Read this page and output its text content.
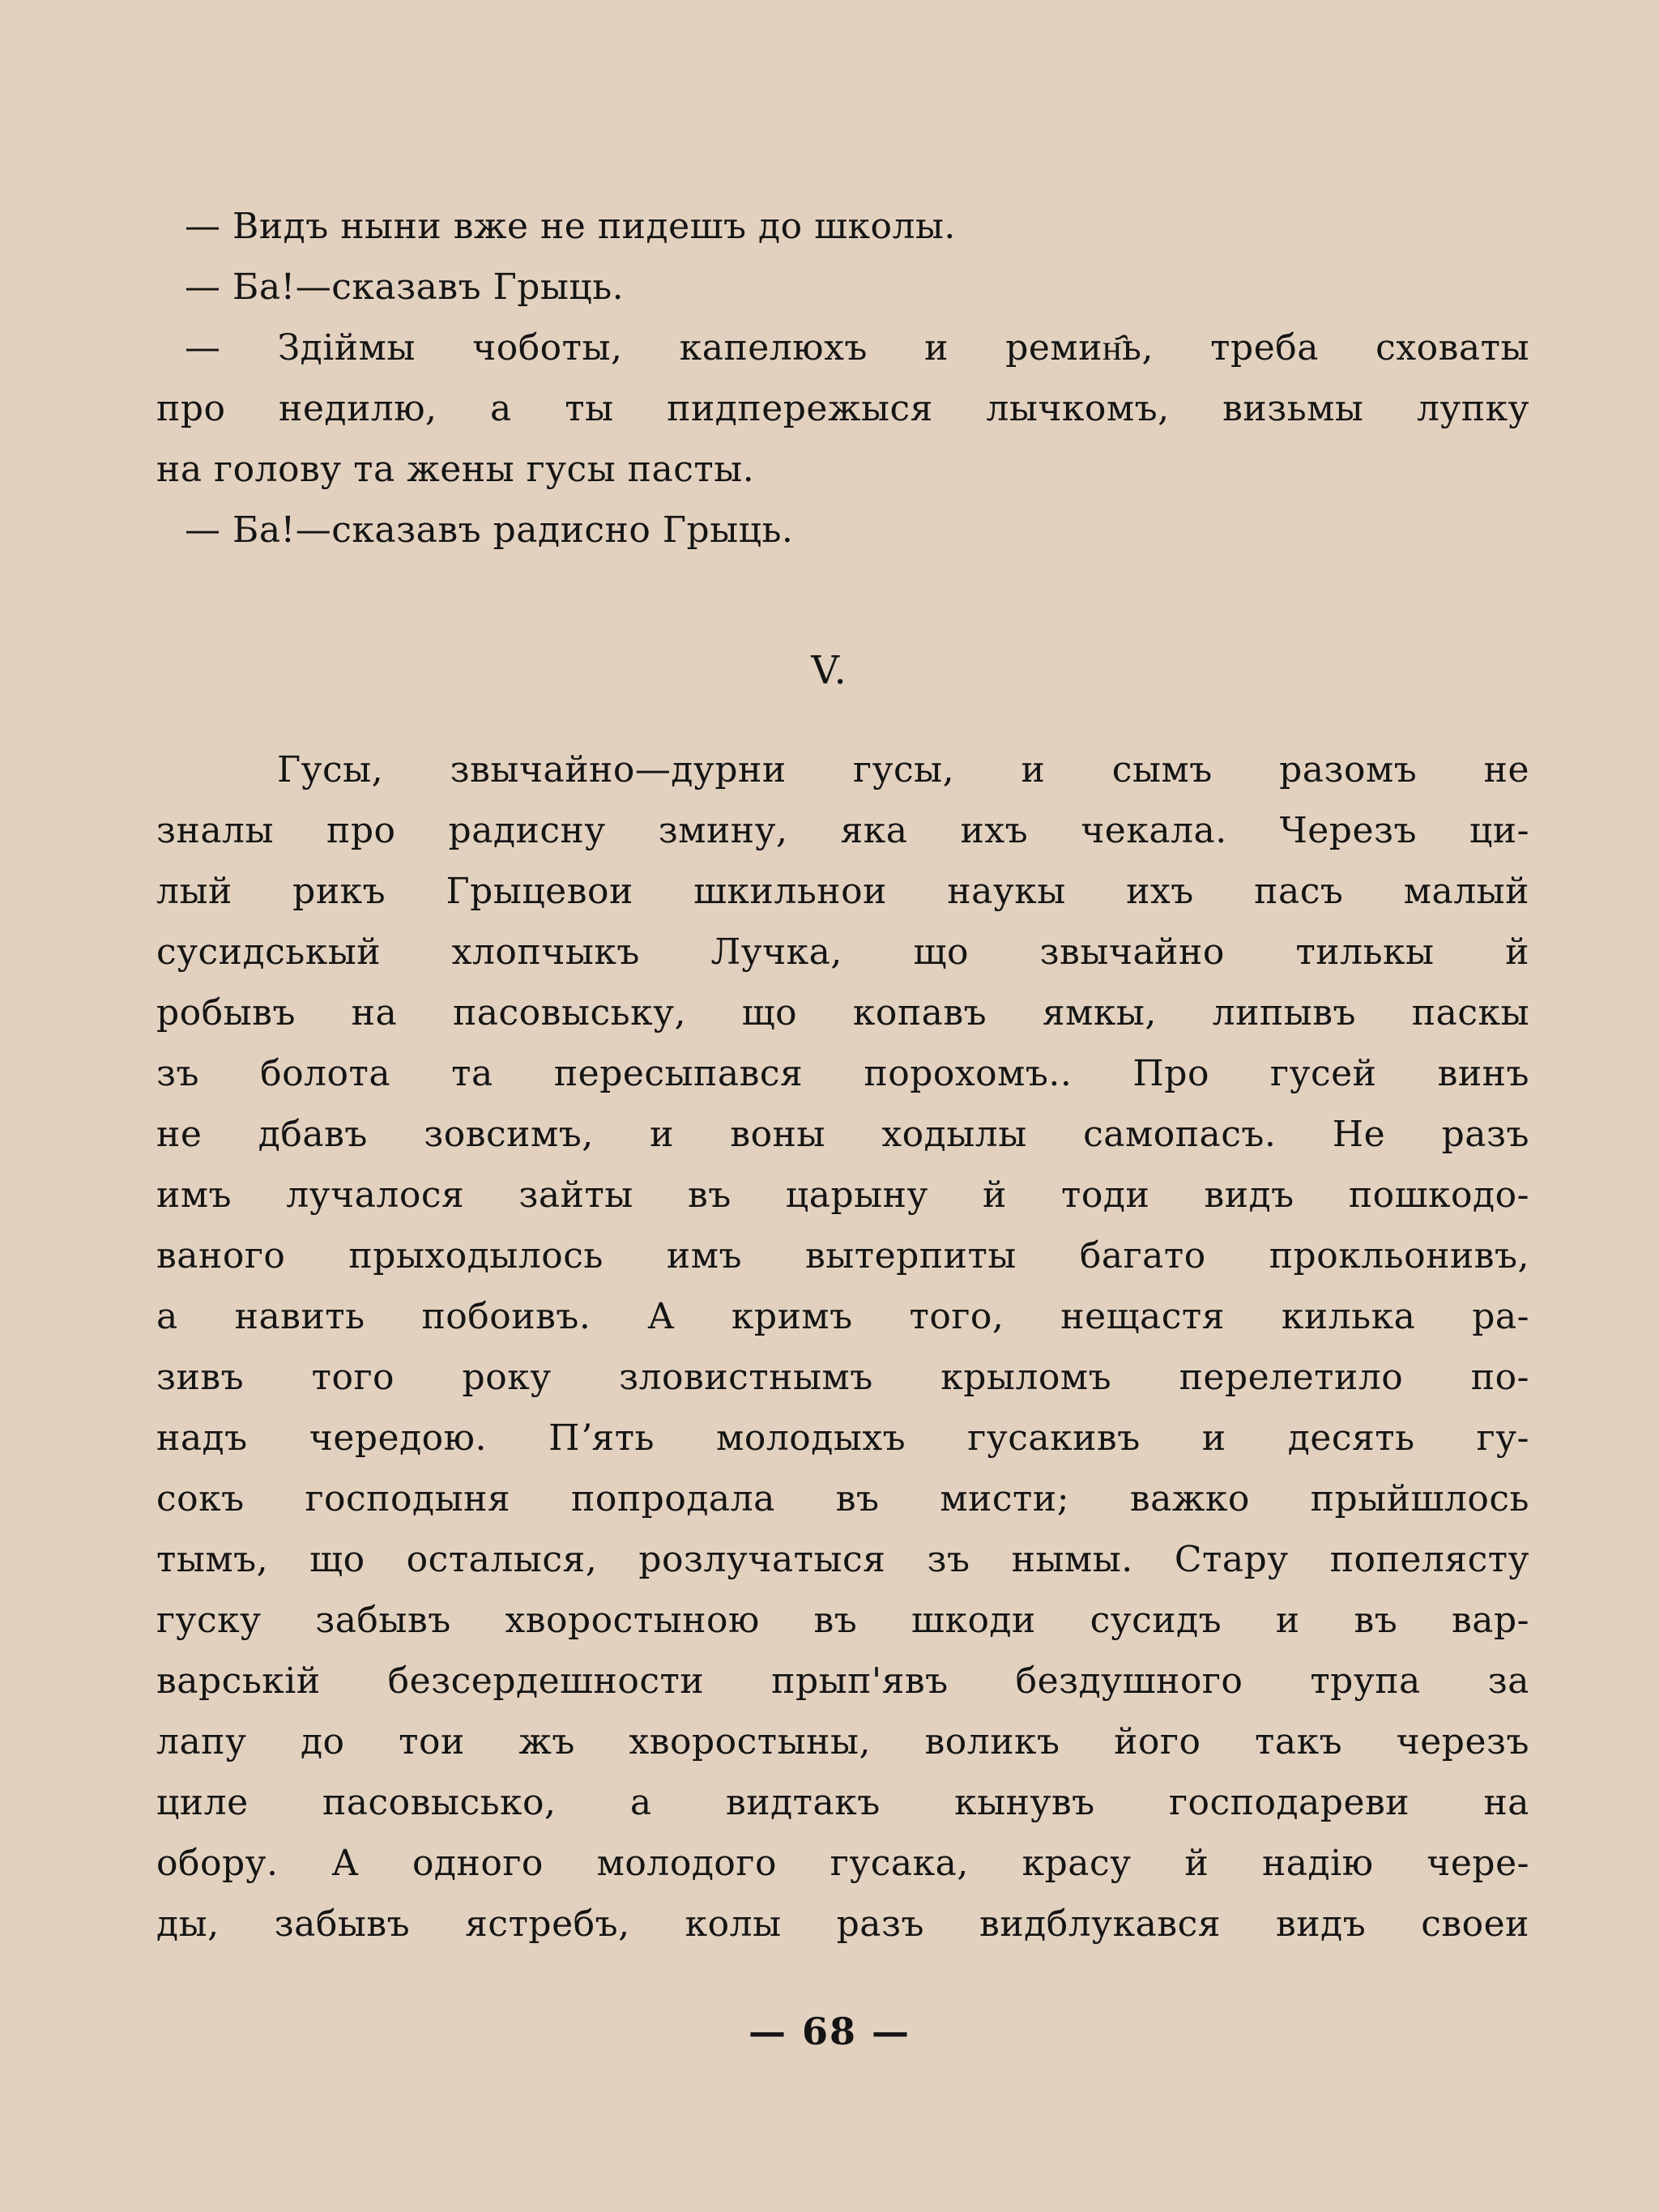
— Видъ ныни вже не пидешъ до школы.
— Ба!—сказавъ Грыць.
— Здіймы чоботы, капелюхъ и ремин҄ь, треба сховаты
про недилю, а ты пидпережыся лычкомъ, визьмы лупку
на голову та жены гусы пасты.
— Ба!—сказавъ радисно Грыць.
V.
Гусы, звычайно—дурни гусы, и сымъ разомъ не
зналы про радисну змину, яка ихъ чекала. Черезъ ци-
лый рикъ Грыцевои шкильнои наукы ихъ пасъ малый
сусидськый хлопчыкъ Лучка, що звычайно тилькы й
робывъ на пасовыську, що копавъ ямкы, липывъ паскы
зъ болота та пересыпався порохомъ.. Про гусей винъ
не дбавъ зовсимъ, и воны ходылы самопасъ. Не разъ
имъ лучалося зайты въ царыну й тоди видъ пошкодо-
ваного прыходылось имъ вытерпиты багато прокльонивъ,
а навить побоивъ. А кримъ того, нещастя килька ра-
зивъ того року зловистнымъ крыломъ перелетило по-
надъ чередою. Пʼять молодыхъ гусакивъ и десять гу-
сокъ господыня попродала въ мисти; важко прыйшлось
тымъ, що осталыся, розлучатыся зъ нымы. Стару попелясту
гуску забывъ хворостыною въ шкоди сусидъ и въ вар-
варській безсердешности прып'явъ бездушного трупа за
лапу до тои жъ хворостыны, воликъ його такъ черезъ
циле пасовысько, а видтакъ кынувъ господареви на
обору. А одного молодого гусака, красу й надію чере-
ды, забывъ ястребъ, колы разъ видблукався видъ своеи
— 68 —
